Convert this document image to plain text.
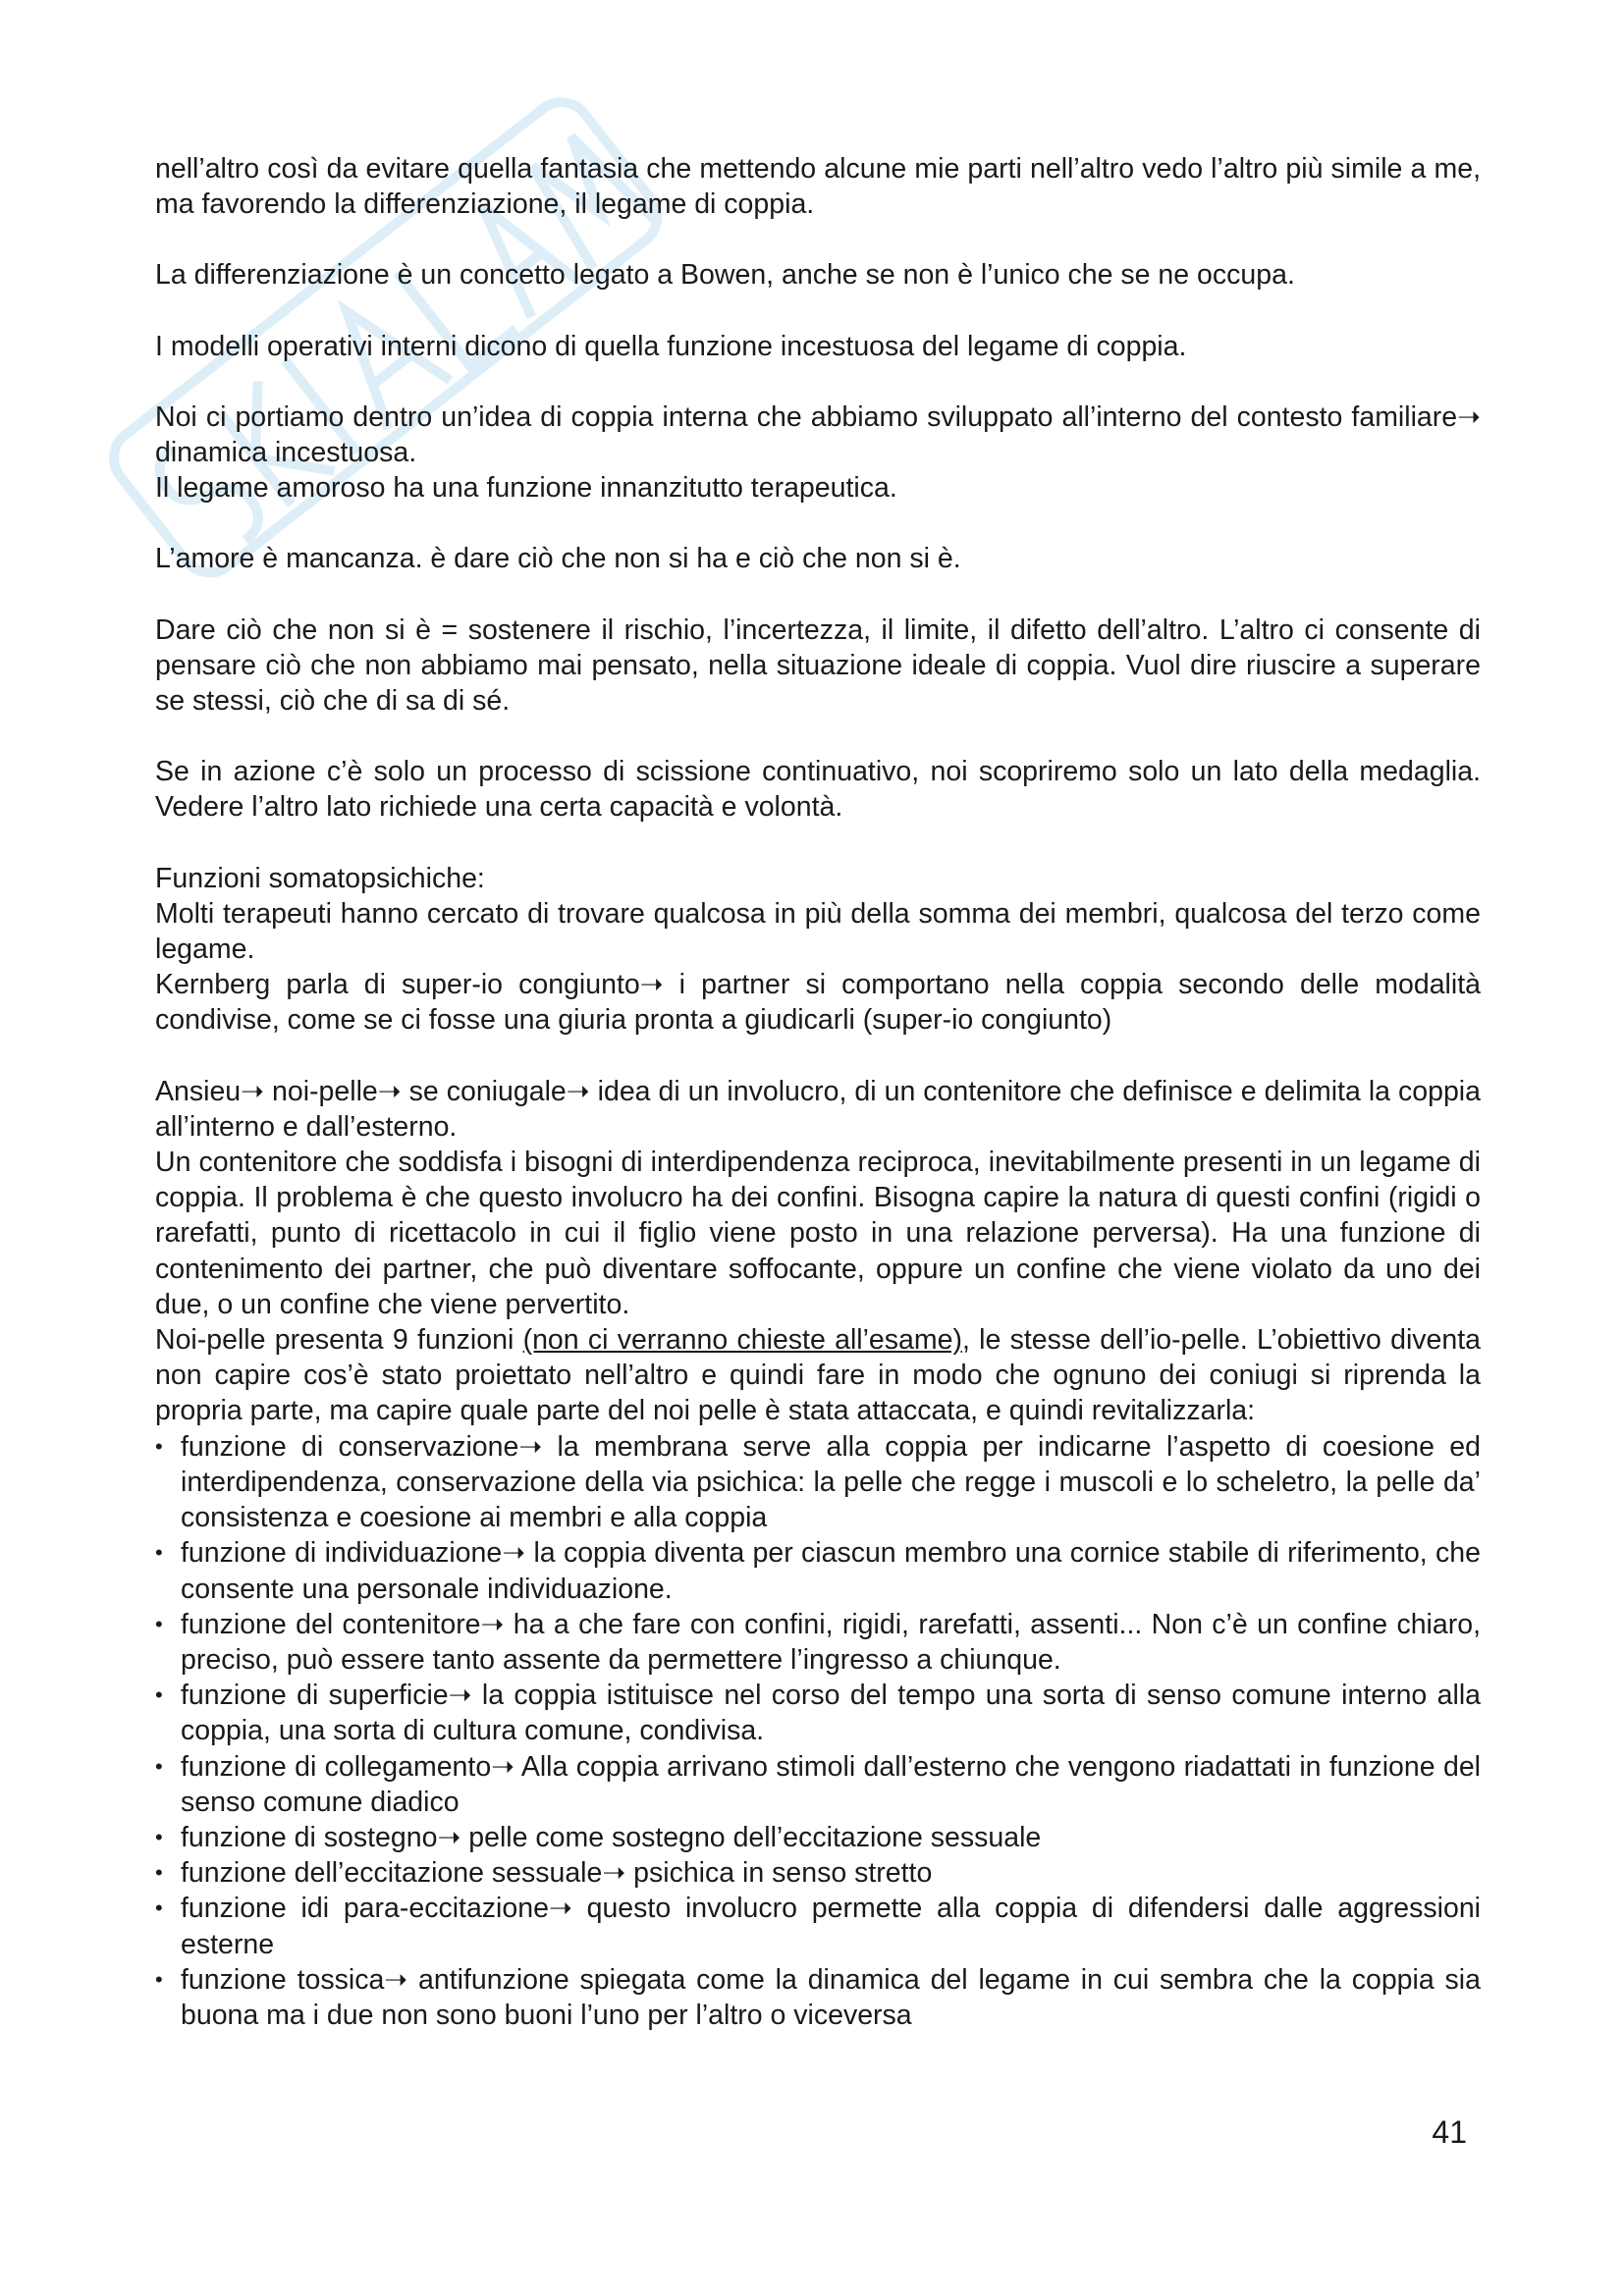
nell’altro così da evitare quella fantasia che mettendo alcune mie parti nell’altro vedo l’altro più simile a me, ma favorendo la differenziazione, il legame di coppia.

La differenziazione è un concetto legato a Bowen, anche se non è l’unico che se ne occupa.

I modelli operativi interni dicono di quella funzione incestuosa del legame di coppia.

Noi ci portiamo dentro un’idea di coppia interna che abbiamo sviluppato all’interno del contesto familiare➝ dinamica incestuosa.

Il legame amoroso ha una funzione innanzitutto terapeutica.

L’amore è mancanza. è dare ciò che non si ha e ciò che non si è.

Dare ciò che non si è = sostenere il rischio, l’incertezza, il limite, il difetto dell’altro. L’altro ci consente di pensare ciò che non abbiamo mai pensato, nella situazione ideale di coppia. Vuol dire riuscire a superare se stessi, ciò che di sa di sé.

Se in azione c’è solo un processo di scissione continuativo, noi scopriremo solo un lato della medaglia. Vedere l’altro lato richiede una certa capacità e volontà.

Funzioni somatopsichiche:

Molti terapeuti hanno cercato di trovare qualcosa in più della somma dei membri, qualcosa del terzo come legame.

Kernberg parla di super-io congiunto➝ i partner si comportano nella coppia secondo delle modalità condivise, come se ci fosse una giuria pronta a giudicarli (super-io congiunto)

Ansieu➝ noi-pelle➝ se coniugale➝ idea di un involucro, di un contenitore che definisce e delimita la coppia all’interno e dall’esterno.

Un contenitore che soddisfa i bisogni di interdipendenza reciproca, inevitabilmente presenti in un legame di coppia. Il problema è che questo involucro ha dei confini. Bisogna capire la natura di questi confini (rigidi o rarefatti, punto di ricettacolo in cui il figlio viene posto in una relazione perversa). Ha una funzione di contenimento dei partner, che può diventare soffocante, oppure un confine che viene violato da uno dei due, o un confine che viene pervertito.

Noi-pelle presenta 9 funzioni (non ci verranno chieste all’esame), le stesse dell’io-pelle. L’obiettivo diventa non capire cos’è stato proiettato nell’altro e quindi fare in modo che ognuno dei coniugi si riprenda la propria parte, ma capire quale parte del noi pelle è stata attaccata, e quindi revitalizzarla:

• funzione di conservazione➝ la membrana serve alla coppia per indicarne l’aspetto di coesione ed interdipendenza, conservazione della via psichica: la pelle che regge i muscoli e lo scheletro, la pelle da’ consistenza e coesione ai membri e alla coppia
• funzione di individuazione➝ la coppia diventa per ciascun membro una cornice stabile di riferimento, che consente una personale individuazione.
• funzione del contenitore➝ ha a che fare con confini, rigidi, rarefatti, assenti... Non c’è un confine chiaro, preciso, può essere tanto assente da permettere l’ingresso a chiunque.
• funzione di superficie➝ la coppia istituisce nel corso del tempo una sorta di senso comune interno alla coppia, una sorta di cultura comune, condivisa.
• funzione di collegamento➝ Alla coppia arrivano stimoli dall’esterno che vengono riadattati in funzione del senso comune diadico
• funzione di sostegno➝ pelle come sostegno dell’eccitazione sessuale
• funzione dell’eccitazione sessuale➝ psichica in senso stretto
• funzione idi para-eccitazione➝ questo involucro permette alla coppia di difendersi dalle aggressioni esterne
• funzione tossica➝ antifunzione spiegata come la dinamica del legame in cui sembra che la coppia sia buona ma i due non sono buoni l’uno per l’altro o viceversa
41
